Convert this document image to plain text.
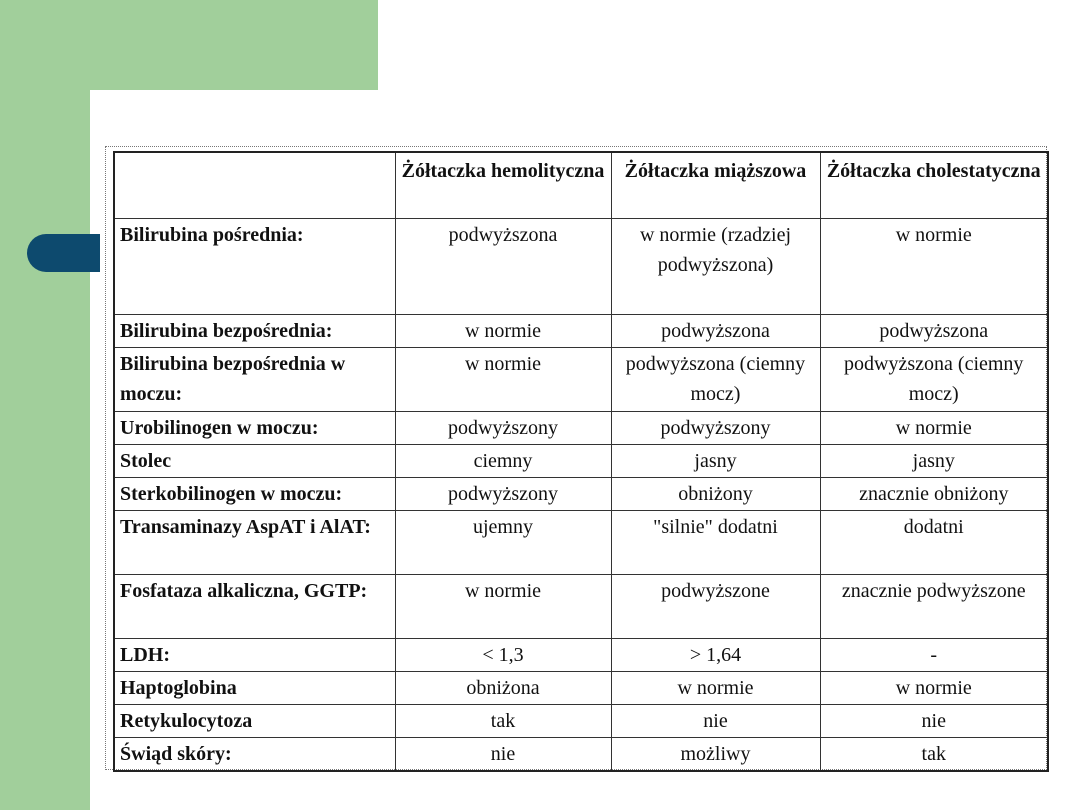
	Żółtaczka hemolityczna	Żółtaczka miąższowa	Żółtaczka cholestatyczna
Bilirubina pośrednia:	podwyższona	w normie (rzadziej podwyższona)	w normie
Bilirubina bezpośrednia:	w normie	podwyższona	podwyższona
Bilirubina bezpośrednia w moczu:	w normie	podwyższona (ciemny mocz)	podwyższona (ciemny mocz)
Urobilinogen w moczu:	podwyższony	podwyższony	w normie
Stolec	ciemny	jasny	jasny
Sterkobilinogen w moczu:	podwyższony	obniżony	znacznie obniżony
Transaminazy AspAT i AlAT:	ujemny	"silnie" dodatni	dodatni
Fosfataza alkaliczna, GGTP:	w normie	podwyższone	znacznie podwyższone
LDH:	< 1,3	> 1,64	-
Haptoglobina	obniżona	w normie	w normie
Retykulocytoza	tak	nie	nie
Świąd skóry:	nie	możliwy	tak
